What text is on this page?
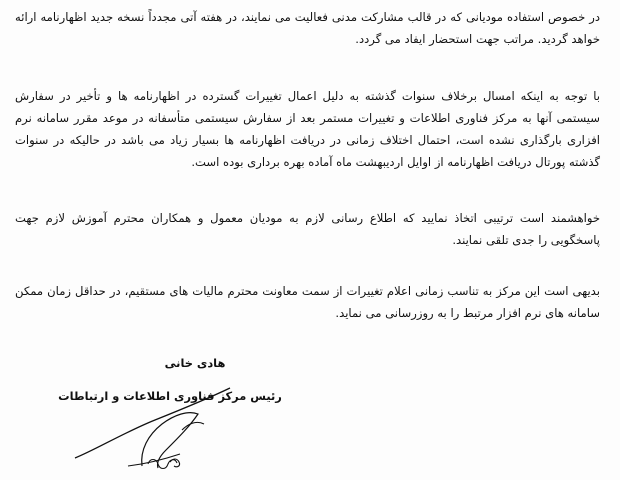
در خصوص استفاده مودیانی که در قالب مشارکت مدنی فعالیت می نمایند، در هفته آتی مجدداً نسخه جدید اظهارنامه ارائه خواهد گردید. مراتب جهت استحضار ایفاد می گردد.

با توجه به اینکه امسال برخلاف سنوات گذشته به دلیل اعمال تغییرات گسترده در اظهارنامه ها و تأخیر در سفارش سیستمی آنها به مرکز فناوری اطلاعات و تغییرات مستمر بعد از سفارش سیستمی متأسفانه در موعد مقرر سامانه نرم افزاری بارگذاری نشده است، احتمال اختلاف زمانی در دریافت اظهارنامه ها بسیار زیاد می باشد در حالیکه در سنوات گذشته پورتال دریافت اظهارنامه از اوایل اردیبهشت ماه آماده بهره برداری بوده است.

خواهشمند است ترتیبی اتخاذ نمایید که اطلاع رسانی لازم به مودیان معمول و همکاران محترم آموزش لازم جهت پاسخگویی را جدی تلقی نمایند.

بدیهی است این مرکز به تناسب زمانی اعلام تغییرات از سمت معاونت محترم مالیات های مستقیم، در حداقل زمان ممکن سامانه های نرم افزار مرتبط را به روزرسانی می نماید.

هادی خانی
رئیس مرکز فناوری اطلاعات و ارتباطات
